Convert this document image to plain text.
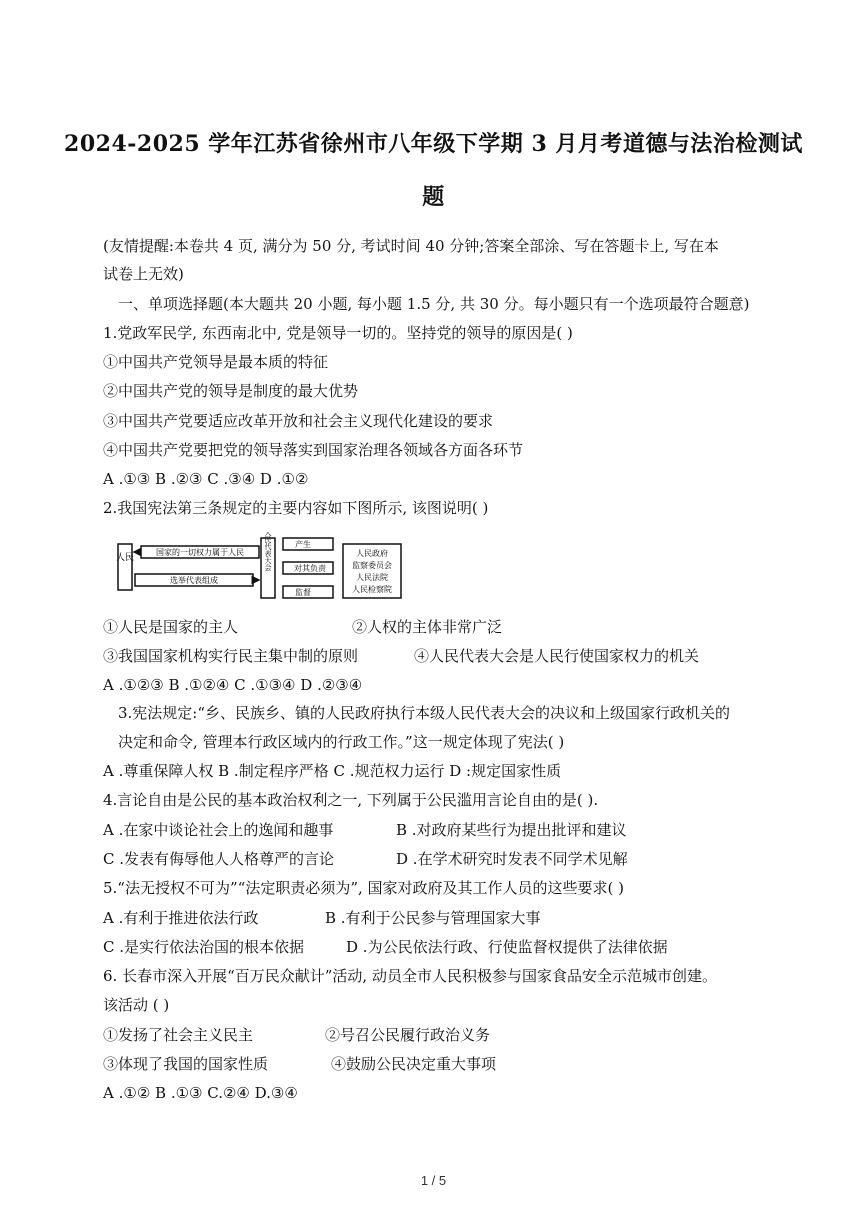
2024-2025 学年江苏省徐州市八年级下学期 3 月月考道德与法治检测试
题
(友情提醒:本卷共 4 页, 满分为 50 分, 考试时间 40 分钟;答案全部涂、写在答题卡上, 写在本
试卷上无效)
一、单项选择题(本大题共 20 小题, 每小题 1.5 分, 共 30 分。每小题只有一个选项最符合题意)
1.党政军民学, 东西南北中, 党是领导一切的。坚持党的领导的原因是( )
①中国共产党领导是最本质的特征
②中国共产党的领导是制度的最大优势
③中国共产党要适应改革开放和社会主义现代化建设的要求
④中国共产党要把党的领导落实到国家治理各领域各方面各环节
A .①③ B .②③ C .③④ D .①②
2.我国宪法第三条规定的主要内容如下图所示, 该图说明( )
人民
国家的一切权力属于人民
选举代表组成
人民代表大会	产生
对其负责
监督
人民政府
监察委员会
人民法院
人民检察院
①人民是国家的主人	②人权的主体非常广泛
③我国国家机构实行民主集中制的原则	④人民代表大会是人民行使国家权力的机关
A .①②③ B .①②④ C .①③④ D .②③④
3.宪法规定:“乡、民族乡、镇的人民政府执行本级人民代表大会的决议和上级国家行政机关的
决定和命令, 管理本行政区域内的行政工作。”这一规定体现了宪法( )
A .尊重保障人权 B .制定程序严格 C .规范权力运行 D :规定国家性质
4.言论自由是公民的基本政治权利之一, 下列属于公民滥用言论自由的是( ).
A .在家中谈论社会上的逸闻和趣事	B .对政府某些行为提出批评和建议
C .发表有侮辱他人人格尊严的言论	D .在学术研究时发表不同学术见解
5.“法无授权不可为”“法定职责必须为”, 国家对政府及其工作人员的这些要求( )
A .有利于推进依法行政	B .有利于公民参与管理国家大事
C .是实行依法治国的根本依据	D .为公民依法行政、行使监督权提供了法律依据
6. 长春市深入开展“百万民众献计”活动, 动员全市人民积极参与国家食品安全示范城市创建。
该活动 ( )
①发扬了社会主义民主	②号召公民履行政治义务
③体现了我国的国家性质	④鼓励公民决定重大事项
A .①② B .①③ C.②④ D.③④
1 / 5
